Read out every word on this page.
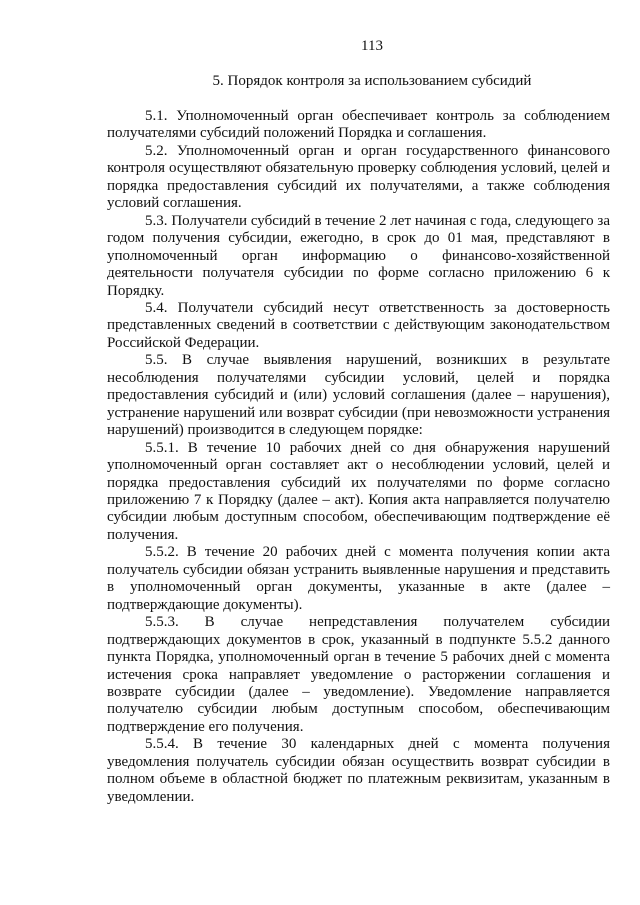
113
5. Порядок контроля за использованием субсидий

5.1. Уполномоченный орган обеспечивает контроль за соблюдением получателями субсидий положений Порядка и соглашения.

5.2. Уполномоченный орган и орган государственного финансового контроля осуществляют обязательную проверку соблюдения условий, целей и порядка предоставления субсидий их получателями, а также соблюдения условий соглашения.

5.3. Получатели субсидий в течение 2 лет начиная с года, следующего за годом получения субсидии, ежегодно, в срок до 01 мая, представляют в уполномоченный орган информацию о финансово-хозяйственной деятельности получателя субсидии по форме согласно приложению 6 к Порядку.

5.4. Получатели субсидий несут ответственность за достоверность представленных сведений в соответствии с действующим законодательством Российской Федерации.

5.5. В случае выявления нарушений, возникших в результате несоблюдения получателями субсидии условий, целей и порядка предоставления субсидий и (или) условий соглашения (далее – нарушения), устранение нарушений или возврат субсидии (при невозможности устранения нарушений) производится в следующем порядке:

5.5.1. В течение 10 рабочих дней со дня обнаружения нарушений уполномоченный орган составляет акт о несоблюдении условий, целей и порядка предоставления субсидий их получателями по форме согласно приложению 7 к Порядку (далее – акт). Копия акта направляется получателю субсидии любым доступным способом, обеспечивающим подтверждение её получения.

5.5.2. В течение 20 рабочих дней с момента получения копии акта получатель субсидии обязан устранить выявленные нарушения и представить в уполномоченный орган документы, указанные в акте (далее – подтверждающие документы).

5.5.3. В случае непредставления получателем субсидии подтверждающих документов в срок, указанный в подпункте 5.5.2 данного пункта Порядка, уполномоченный орган в течение 5 рабочих дней с момента истечения срока направляет уведомление о расторжении соглашения и возврате субсидии (далее – уведомление). Уведомление направляется получателю субсидии любым доступным способом, обеспечивающим подтверждение его получения.

5.5.4. В течение 30 календарных дней с момента получения уведомления получатель субсидии обязан осуществить возврат субсидии в полном объеме в областной бюджет по платежным реквизитам, указанным в уведомлении.
